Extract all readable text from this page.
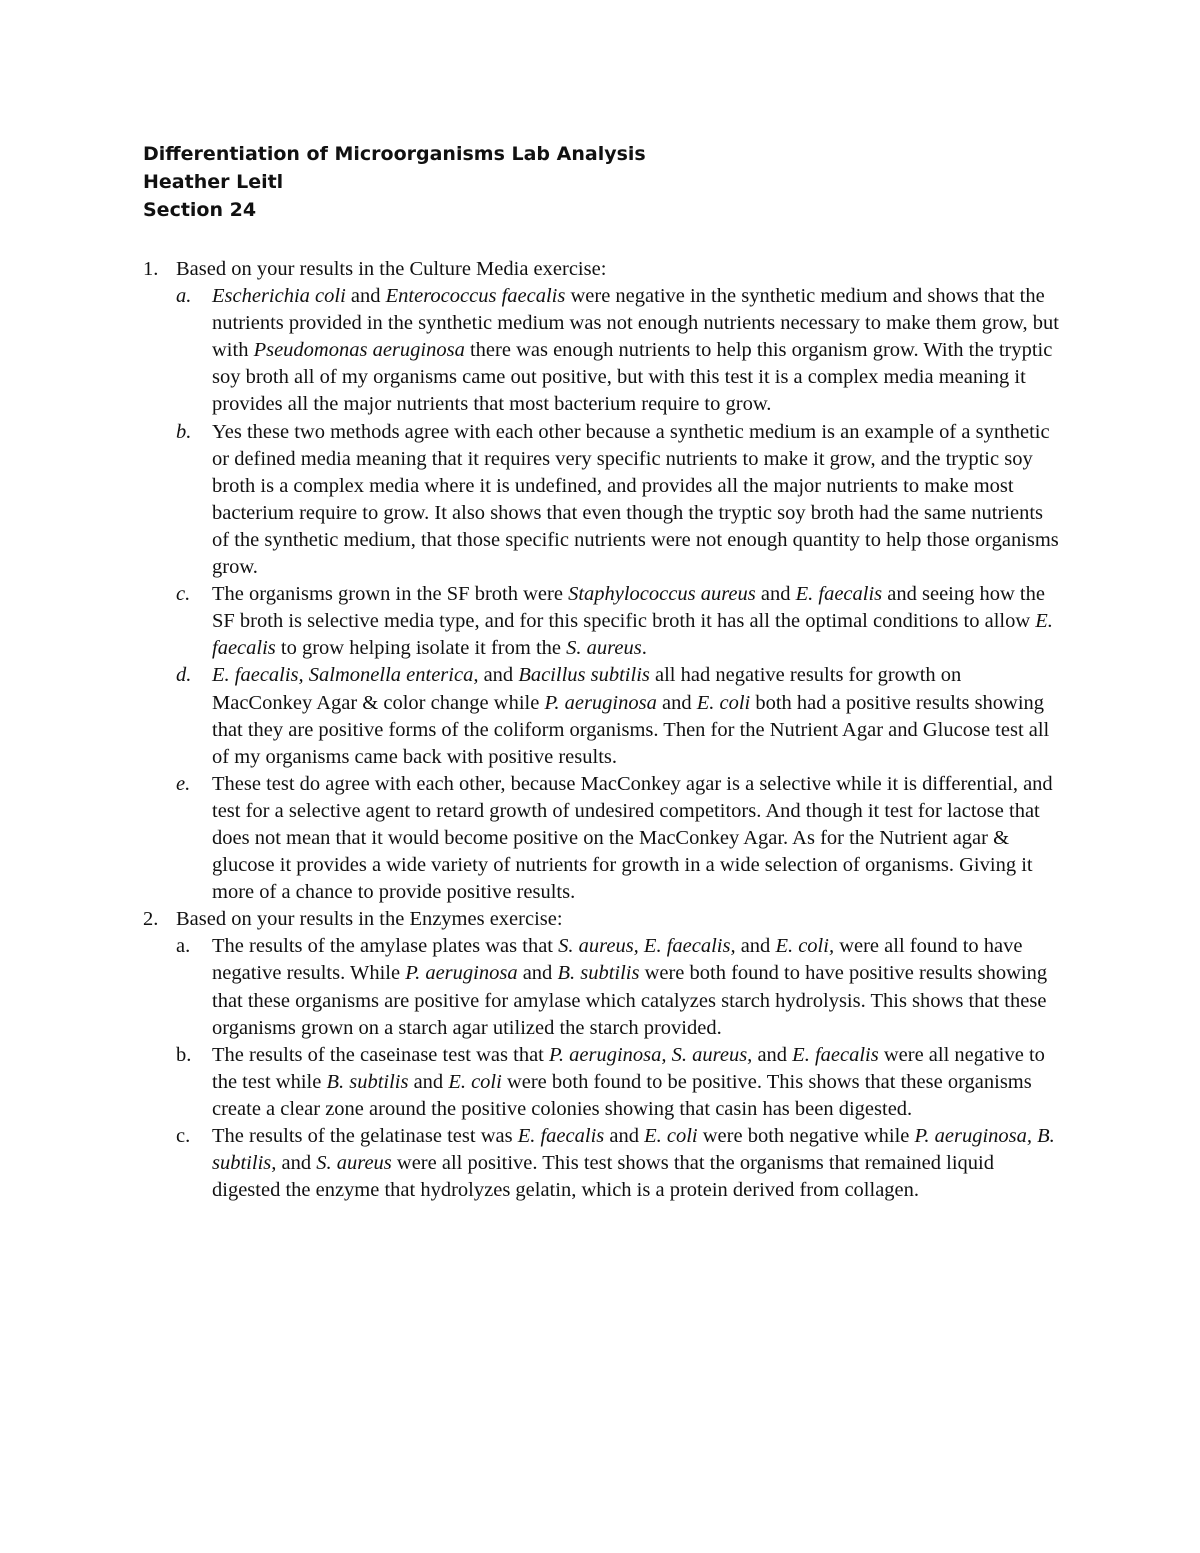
Differentiation of Microorganisms Lab Analysis
Heather Leitl
Section 24
1. Based on your results in the Culture Media exercise:
a. Escherichia coli and Enterococcus faecalis were negative in the synthetic medium and shows that the nutrients provided in the synthetic medium was not enough nutrients necessary to make them grow, but with Pseudomonas aeruginosa there was enough nutrients to help this organism grow. With the tryptic soy broth all of my organisms came out positive, but with this test it is a complex media meaning it provides all the major nutrients that most bacterium require to grow.
b. Yes these two methods agree with each other because a synthetic medium is an example of a synthetic or defined media meaning that it requires very specific nutrients to make it grow, and the tryptic soy broth is a complex media where it is undefined, and provides all the major nutrients to make most bacterium require to grow. It also shows that even though the tryptic soy broth had the same nutrients of the synthetic medium, that those specific nutrients were not enough quantity to help those organisms grow.
c. The organisms grown in the SF broth were Staphylococcus aureus and E. faecalis and seeing how the SF broth is selective media type, and for this specific broth it has all the optimal conditions to allow E. faecalis to grow helping isolate it from the S. aureus.
d. E. faecalis, Salmonella enterica, and Bacillus subtilis all had negative results for growth on MacConkey Agar & color change while P. aeruginosa and E. coli both had a positive results showing that they are positive forms of the coliform organisms. Then for the Nutrient Agar and Glucose test all of my organisms came back with positive results.
e. These test do agree with each other, because MacConkey agar is a selective while it is differential, and test for a selective agent to retard growth of undesired competitors. And though it test for lactose that does not mean that it would become positive on the MacConkey Agar. As for the Nutrient agar & glucose it provides a wide variety of nutrients for growth in a wide selection of organisms. Giving it more of a chance to provide positive results.
2. Based on your results in the Enzymes exercise:
a. The results of the amylase plates was that S. aureus, E. faecalis, and E. coli, were all found to have negative results. While P. aeruginosa and B. subtilis were both found to have positive results showing that these organisms are positive for amylase which catalyzes starch hydrolysis. This shows that these organisms grown on a starch agar utilized the starch provided.
b. The results of the caseinase test was that P. aeruginosa, S. aureus, and E. faecalis were all negative to the test while B. subtilis and E. coli were both found to be positive. This shows that these organisms create a clear zone around the positive colonies showing that casin has been digested.
c. The results of the gelatinase test was E. faecalis and E. coli were both negative while P. aeruginosa, B. subtilis, and S. aureus were all positive. This test shows that the organisms that remained liquid digested the enzyme that hydrolyzes gelatin, which is a protein derived from collagen.
